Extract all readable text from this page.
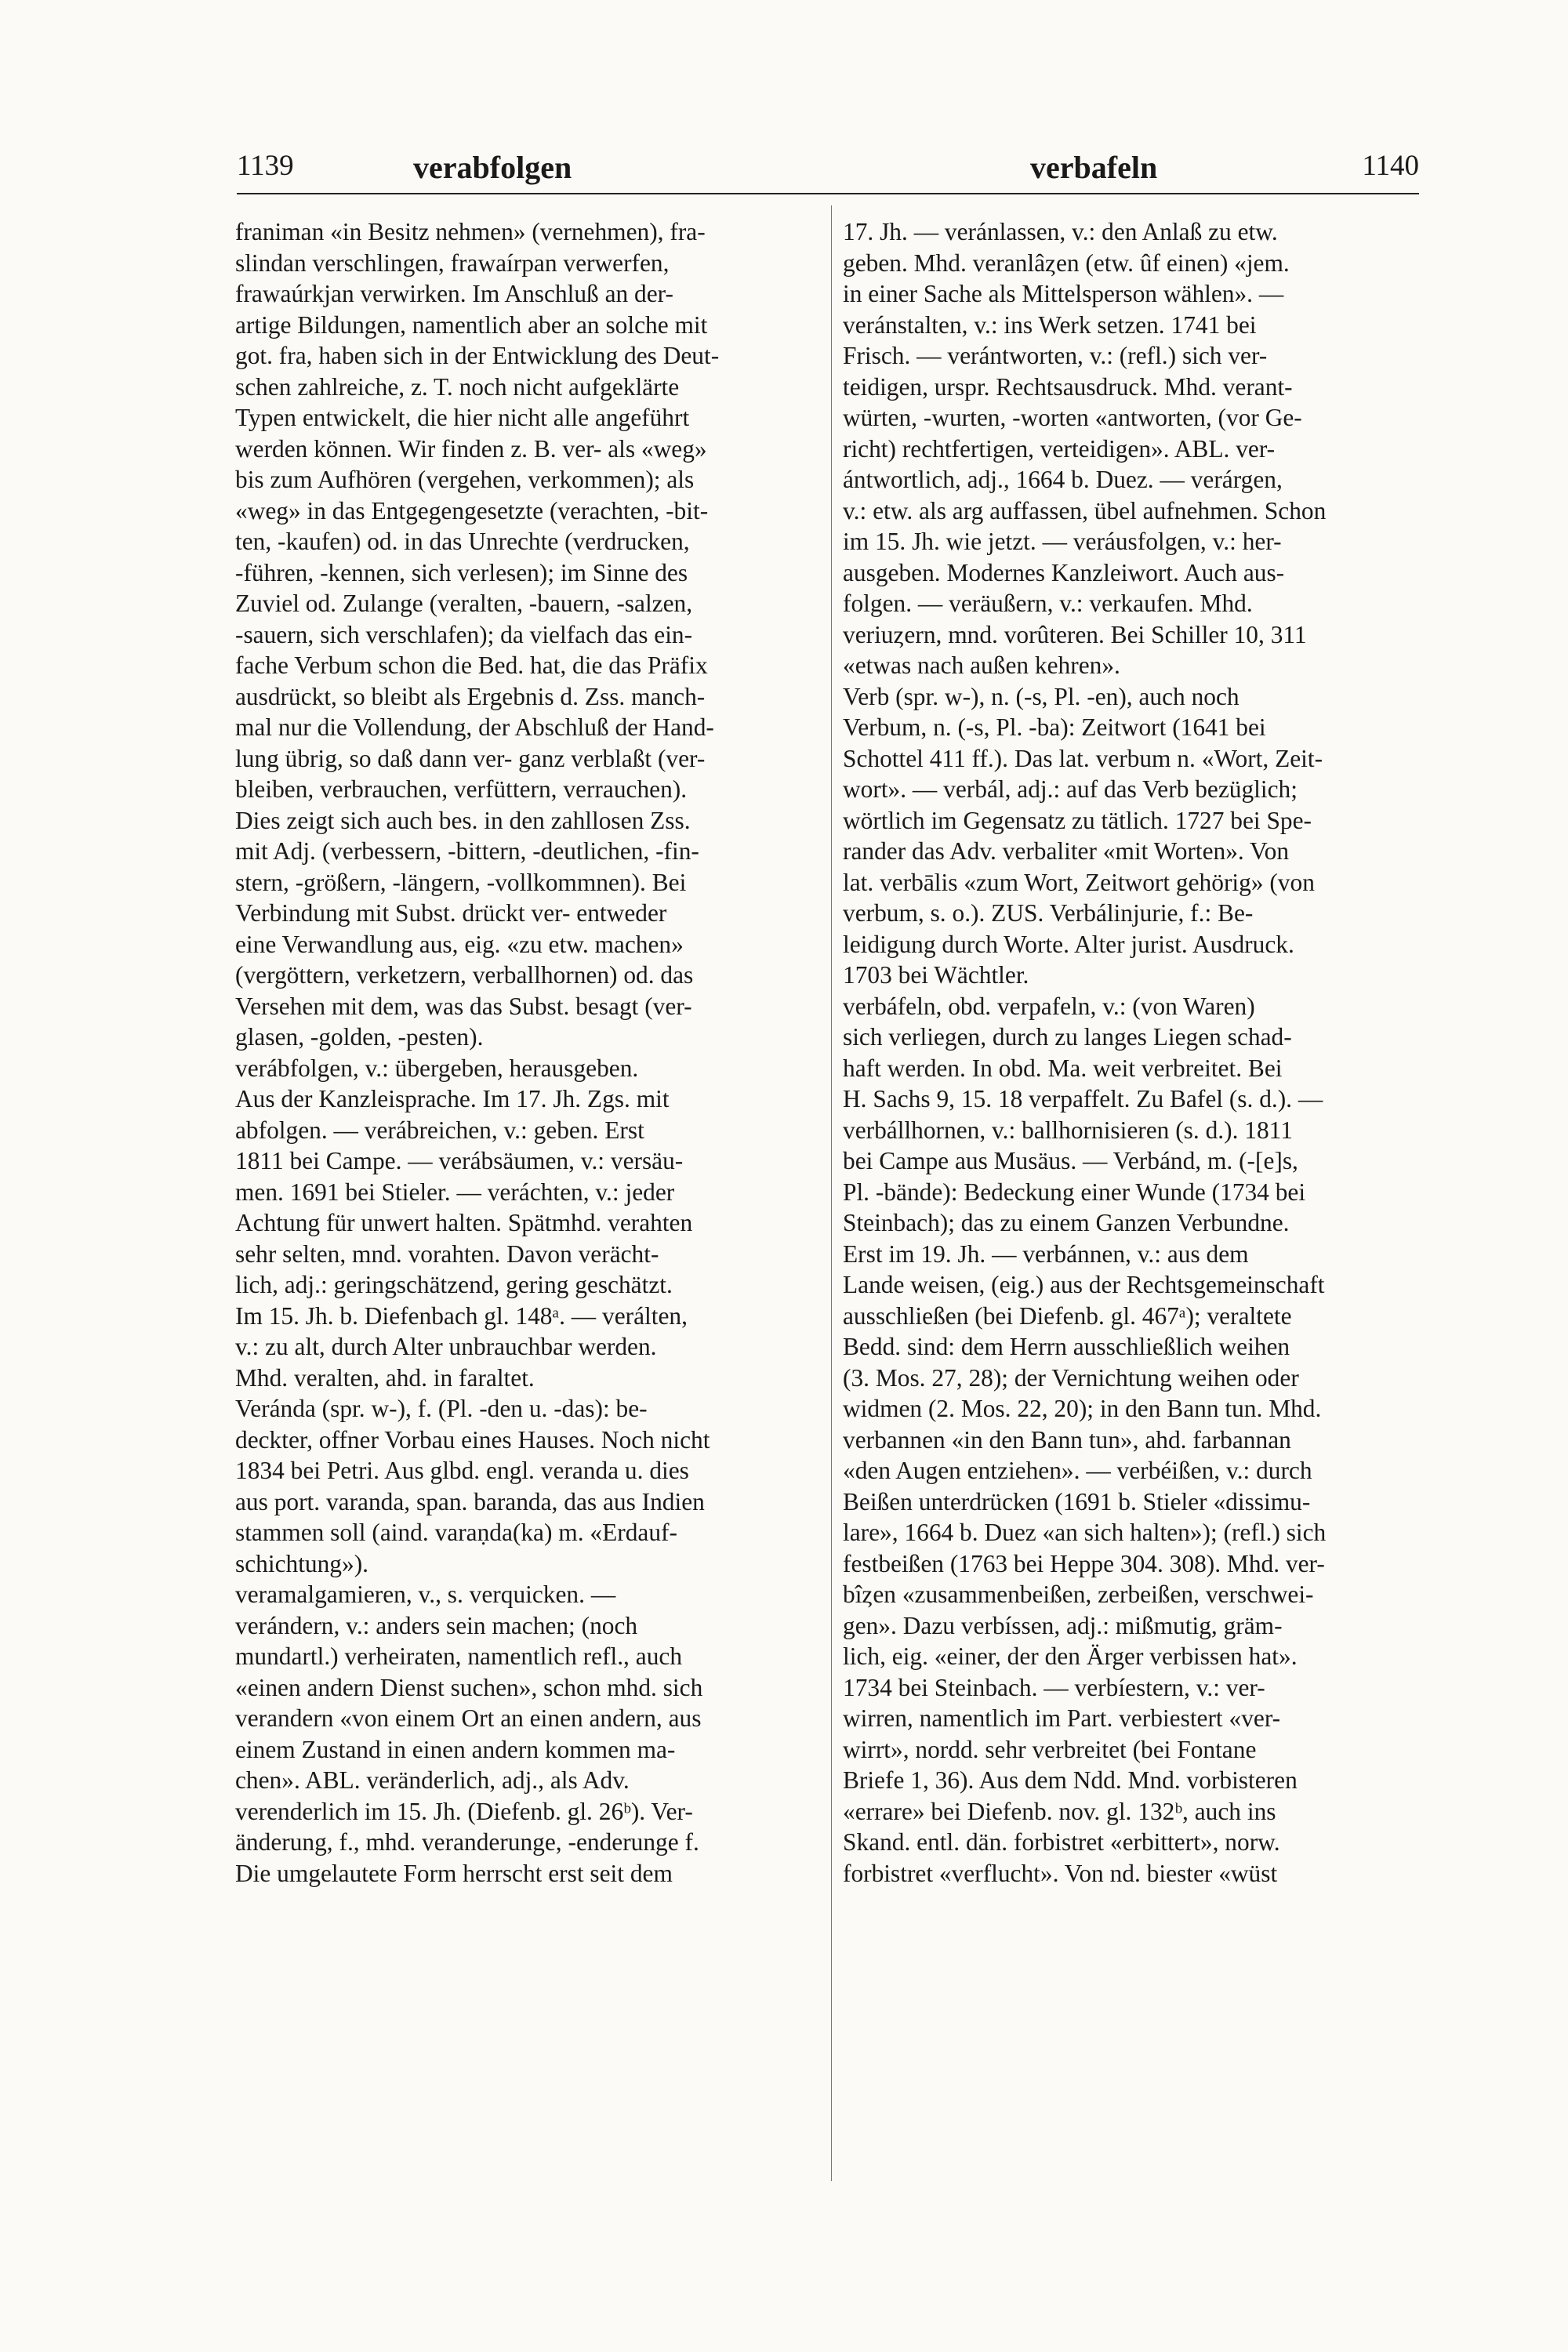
1139	verabfolgen	verbafeln	1140
franiman «in Besitz nehmen» (vernehmen), fra-
slindan verschlingen, frawaírpan verwerfen,
frawaúrkjan verwirken. Im Anschluß an der-
artige Bildungen, namentlich aber an solche mit
got. fra, haben sich in der Entwicklung des Deut-
schen zahlreiche, z. T. noch nicht aufgeklärte
Typen entwickelt, die hier nicht alle angeführt
werden können. Wir finden z. B. ver- als «weg»
bis zum Aufhören (vergehen, verkommen); als
«weg» in das Entgegengesetzte (verachten, -bit-
ten, -kaufen) od. in das Unrechte (verdrucken,
-führen, -kennen, sich verlesen); im Sinne des
Zuviel od. Zulange (veralten, -bauern, -salzen,
-sauern, sich verschlafen); da vielfach das ein-
fache Verbum schon die Bed. hat, die das Präfix
ausdrückt, so bleibt als Ergebnis d. Zss. manch-
mal nur die Vollendung, der Abschluß der Hand-
lung übrig, so daß dann ver- ganz verblaßt (ver-
bleiben, verbrauchen, verfüttern, verrauchen).
Dies zeigt sich auch bes. in den zahllosen Zss.
mit Adj. (verbessern, -bittern, -deutlichen, -fin-
stern, -größern, -längern, -vollkommnen). Bei
Verbindung mit Subst. drückt ver- entweder
eine Verwandlung aus, eig. «zu etw. machen»
(vergöttern, verketzern, verballhornen) od. das
Versehen mit dem, was das Subst. besagt (ver-
glasen, -golden, -pesten).
verábfolgen, v.: übergeben, herausgeben.
Aus der Kanzleisprache. Im 17. Jh. Zgs. mit
abfolgen. — verábreichen, v.: geben. Erst
1811 bei Campe. — verábsäumen, v.: versäu-
men. 1691 bei Stieler. — veráchten, v.: jeder
Achtung für unwert halten. Spätmhd. verahten
sehr selten, mnd. vorahten. Davon verächt-
lich, adj.: geringschätzend, gering geschätzt.
Im 15. Jh. b. Diefenbach gl. 148ᵃ. — verálten,
v.: zu alt, durch Alter unbrauchbar werden.
Mhd. veralten, ahd. in faraltet.
Veránda (spr. w-), f. (Pl. -den u. -das): be-
deckter, offner Vorbau eines Hauses. Noch nicht
1834 bei Petri. Aus glbd. engl. veranda u. dies
aus port. varanda, span. baranda, das aus Indien
stammen soll (aind. varaṇda(ka) m. «Erdauf-
schichtung»).
veramalgamieren, v., s. verquicken. —
verándern, v.: anders sein machen; (noch
mundartl.) verheiraten, namentlich refl., auch
«einen andern Dienst suchen», schon mhd. sich
verandern «von einem Ort an einen andern, aus
einem Zustand in einen andern kommen ma-
chen». ABL. veränderlich, adj., als Adv.
verenderlich im 15. Jh. (Diefenb. gl. 26ᵇ). Ver-
änderung, f., mhd. veranderunge, -enderunge f.
Die umgelautete Form herrscht erst seit dem
17. Jh. — veránlassen, v.: den Anlaß zu etw.
geben. Mhd. veranlâȥen (etw. ûf einen) «jem.
in einer Sache als Mittelsperson wählen». —
veránstalten, v.: ins Werk setzen. 1741 bei
Frisch. — verántworten, v.: (refl.) sich ver-
teidigen, urspr. Rechtsausdruck. Mhd. verant-
würten, -wurten, -worten «antworten, (vor Ge-
richt) rechtfertigen, verteidigen». ABL. ver-
ántwortlich, adj., 1664 b. Duez. — verárgen,
v.: etw. als arg auffassen, übel aufnehmen. Schon
im 15. Jh. wie jetzt. — veráusfolgen, v.: her-
ausgeben. Modernes Kanzleiwort. Auch aus-
folgen. — veräußern, v.: verkaufen. Mhd.
veriuȥern, mnd. vorûteren. Bei Schiller 10, 311
«etwas nach außen kehren».
Verb (spr. w-), n. (-s, Pl. -en), auch noch
Verbum, n. (-s, Pl. -ba): Zeitwort (1641 bei
Schottel 411 ff.). Das lat. verbum n. «Wort, Zeit-
wort». — verbál, adj.: auf das Verb bezüglich;
wörtlich im Gegensatz zu tätlich. 1727 bei Spe-
rander das Adv. verbaliter «mit Worten». Von
lat. verbālis «zum Wort, Zeitwort gehörig» (von
verbum, s. o.). ZUS. Verbálinjurie, f.: Be-
leidigung durch Worte. Alter jurist. Ausdruck.
1703 bei Wächtler.
verbáfeln, obd. verpafeln, v.: (von Waren)
sich verliegen, durch zu langes Liegen schad-
haft werden. In obd. Ma. weit verbreitet. Bei
H. Sachs 9, 15. 18 verpaffelt. Zu Bafel (s. d.). —
verbállhornen, v.: ballhornisieren (s. d.). 1811
bei Campe aus Musäus. — Verbánd, m. (-[e]s,
Pl. -bände): Bedeckung einer Wunde (1734 bei
Steinbach); das zu einem Ganzen Verbundne.
Erst im 19. Jh. — verbánnen, v.: aus dem
Lande weisen, (eig.) aus der Rechtsgemeinschaft
ausschließen (bei Diefenb. gl. 467ᵃ); veraltete
Bedd. sind: dem Herrn ausschließlich weihen
(3. Mos. 27, 28); der Vernichtung weihen oder
widmen (2. Mos. 22, 20); in den Bann tun. Mhd.
verbannen «in den Bann tun», ahd. farbannan
«den Augen entziehen». — verbéißen, v.: durch
Beißen unterdrücken (1691 b. Stieler «dissimu-
lare», 1664 b. Duez «an sich halten»); (refl.) sich
festbeißen (1763 bei Heppe 304. 308). Mhd. ver-
bîȥen «zusammenbeißen, zerbeißen, verschwei-
gen». Dazu verbíssen, adj.: mißmutig, gräm-
lich, eig. «einer, der den Ärger verbissen hat».
1734 bei Steinbach. — verbíestern, v.: ver-
wirren, namentlich im Part. verbiestert «ver-
wirrt», nordd. sehr verbreitet (bei Fontane
Briefe 1, 36). Aus dem Ndd. Mnd. vorbisteren
«errare» bei Diefenb. nov. gl. 132ᵇ, auch ins
Skand. entl. dän. forbistret «erbittert», norw.
forbistret «verflucht». Von nd. biester «wüst
